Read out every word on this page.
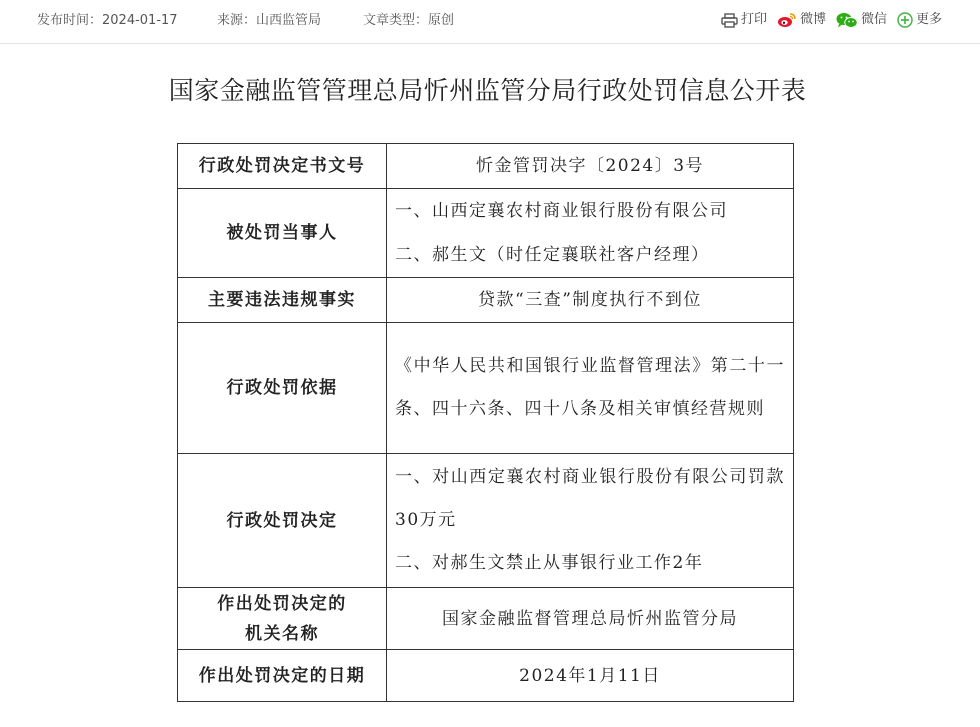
发布时间：2024-01-17	来源：山西监管局	文章类型：原创	打印	微博	微信 更多
国家金融监管管理总局忻州监管分局行政处罚信息公开表
行政处罚决定书文号	忻金管罚决字〔2024〕3号
被处罚当事人	一、山西定襄农村商业银行股份有限公司
二、郝生文（时任定襄联社客户经理）

主要违法违规事实	贷款“三查”制度执行不到位
行政处罚依据	《中华人民共和国银行业监督管理法》第二十一条、四十六条、四十八条及相关审慎经营规则
行政处罚决定	一、对山西定襄农村商业银行股份有限公司罚款30万元
二、对郝生文禁止从事银行业工作2年

作出处罚决定的
机关名称	国家金融监督管理总局忻州监管分局
作出处罚决定的日期	2024年1月11日
